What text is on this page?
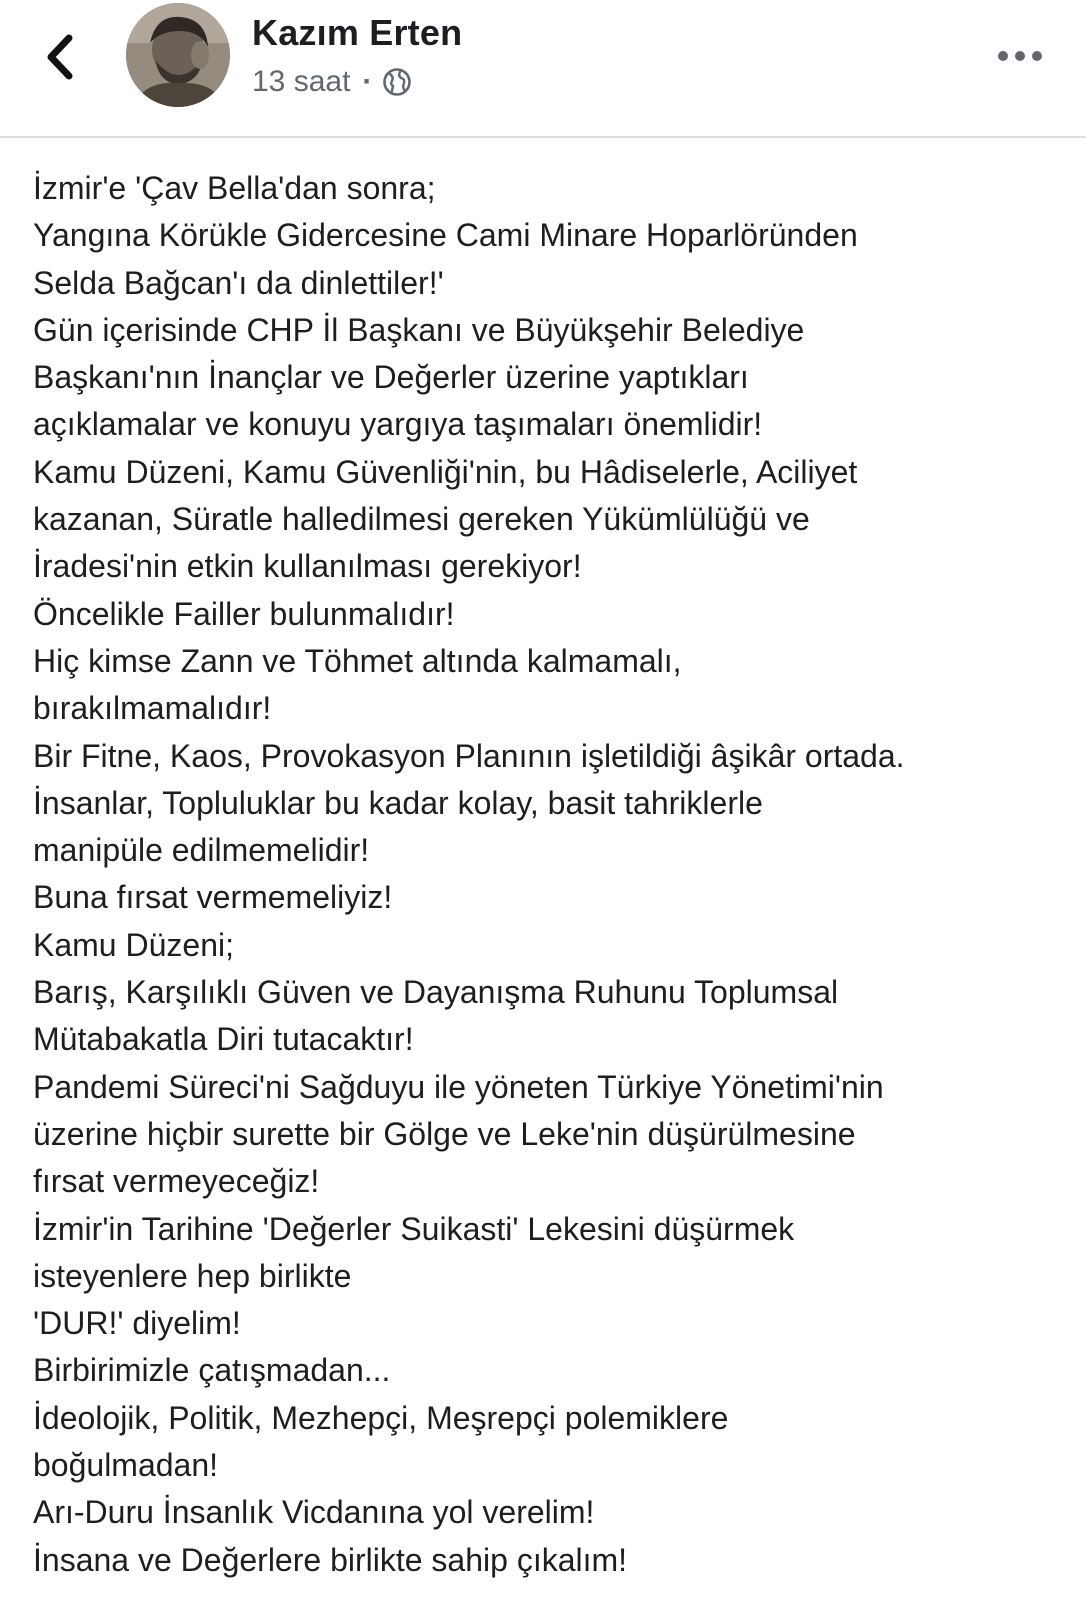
Kazım Erten
13 saat ·
İzmir'e 'Çav Bella'dan sonra;
Yangına Körükle Gidercesine Cami Minare Hoparlöründen
Selda Bağcan'ı da dinlettiler!'
Gün içerisinde CHP İl Başkanı ve Büyükşehir Belediye
Başkanı'nın İnançlar ve Değerler üzerine yaptıkları
açıklamalar ve konuyu yargıya taşımaları önemlidir!
Kamu Düzeni, Kamu Güvenliği'nin, bu Hâdiselerle, Aciliyet
kazanan, Süratle halledilmesi gereken Yükümlülüğü ve
İradesi'nin etkin kullanılması gerekiyor!
Öncelikle Failler bulunmalıdır!
Hiç kimse Zann ve Töhmet altında kalmamalı,
bırakılmamalıdır!
Bir Fitne, Kaos, Provokasyon Planının işletildiği âşikâr ortada.
İnsanlar, Topluluklar bu kadar kolay, basit tahriklerle
manipüle edilmemelidir!
Buna fırsat vermemeliyiz!
Kamu Düzeni;
Barış, Karşılıklı Güven ve Dayanışma Ruhunu Toplumsal
Mütabakatla Diri tutacaktır!
Pandemi Süreci'ni Sağduyu ile yöneten Türkiye Yönetimi'nin
üzerine hiçbir surette bir Gölge ve Leke'nin düşürülmesine
fırsat vermeyeceğiz!
İzmir'in Tarihine 'Değerler Suikasti' Lekesini düşürmek
isteyenlere hep birlikte
'DUR!' diyelim!
Birbirimizle çatışmadan...
İdeolojik, Politik, Mezhepçi, Meşrepçi polemiklere
boğulmadan!
Arı-Duru İnsanlık Vicdanına yol verelim!
İnsana ve Değerlere birlikte sahip çıkalım!
